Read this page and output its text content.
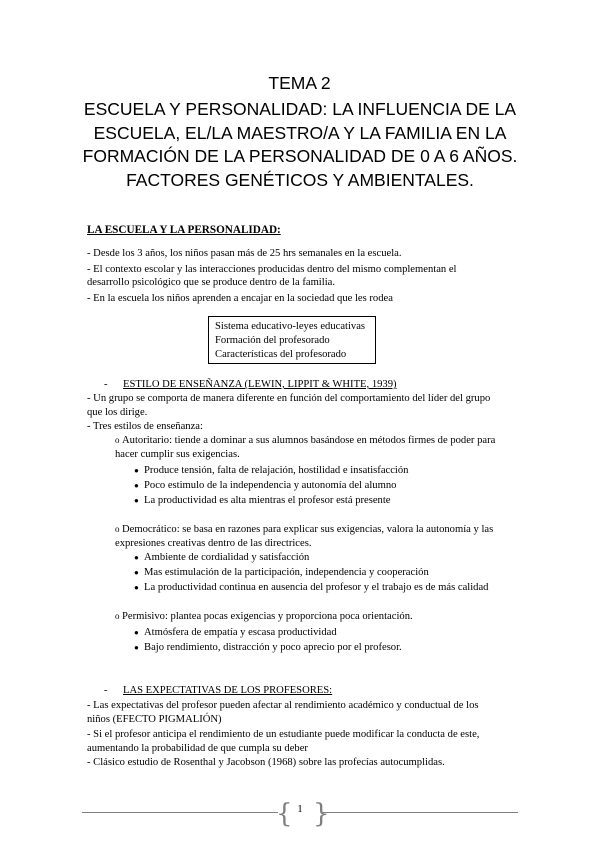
TEMA 2
ESCUELA Y PERSONALIDAD: LA INFLUENCIA DE LA ESCUELA, EL/LA MAESTRO/A Y LA FAMILIA EN LA FORMACIÓN DE LA PERSONALIDAD DE 0 A 6 AÑOS. FACTORES GENÉTICOS Y AMBIENTALES.
LA ESCUELA Y LA PERSONALIDAD:
- Desde los 3 años, los niños pasan más de 25 hrs semanales en la escuela.
- El contexto escolar y las interacciones producidas dentro del mismo complementan el
desarrollo psicológico que se produce dentro de la familia.
- En la escuela los niños aprenden a encajar en la sociedad que les rodea
Sistema educativo-leyes educativas
Formación del profesorado
Características del profesorado
- ESTILO DE ENSEÑANZA (LEWIN, LIPPIT & WHITE, 1939)
- Un grupo se comporta de manera diferente en función del comportamiento del líder del grupo
que los dirige.
- Tres estilos de enseñanza:
o Autoritario: tiende a dominar a sus alumnos basándose en métodos firmes de poder para
hacer cumplir sus exigencias.
● Produce tensión, falta de relajación, hostilidad e insatisfacción
● Poco estimulo de la independencia y autonomía del alumno
● La productividad es alta mientras el profesor está presente
o Democrático: se basa en razones para explicar sus exigencias, valora la autonomía y las
expresiones creativas dentro de las directrices.
● Ambiente de cordialidad y satisfacción
● Mas estimulación de la participación, independencia y cooperación
● La productividad continua en ausencia del profesor y el trabajo es de más calidad
o Permisivo: plantea pocas exigencias y proporciona poca orientación.
● Atmósfera de empatía y escasa productividad
● Bajo rendimiento, distracción y poco aprecio por el profesor.
- LAS EXPECTATIVAS DE LOS PROFESORES:
- Las expectativas del profesor pueden afectar al rendimiento académico y conductual de los
niños (EFECTO PIGMALIÓN)
- Si el profesor anticipa el rendimiento de un estudiante puede modificar la conducta de este,
aumentando la probabilidad de que cumpla su deber
- Clásico estudio de Rosenthal y Jacobson (1968) sobre las profecías autocumplidas.
{ }
1
